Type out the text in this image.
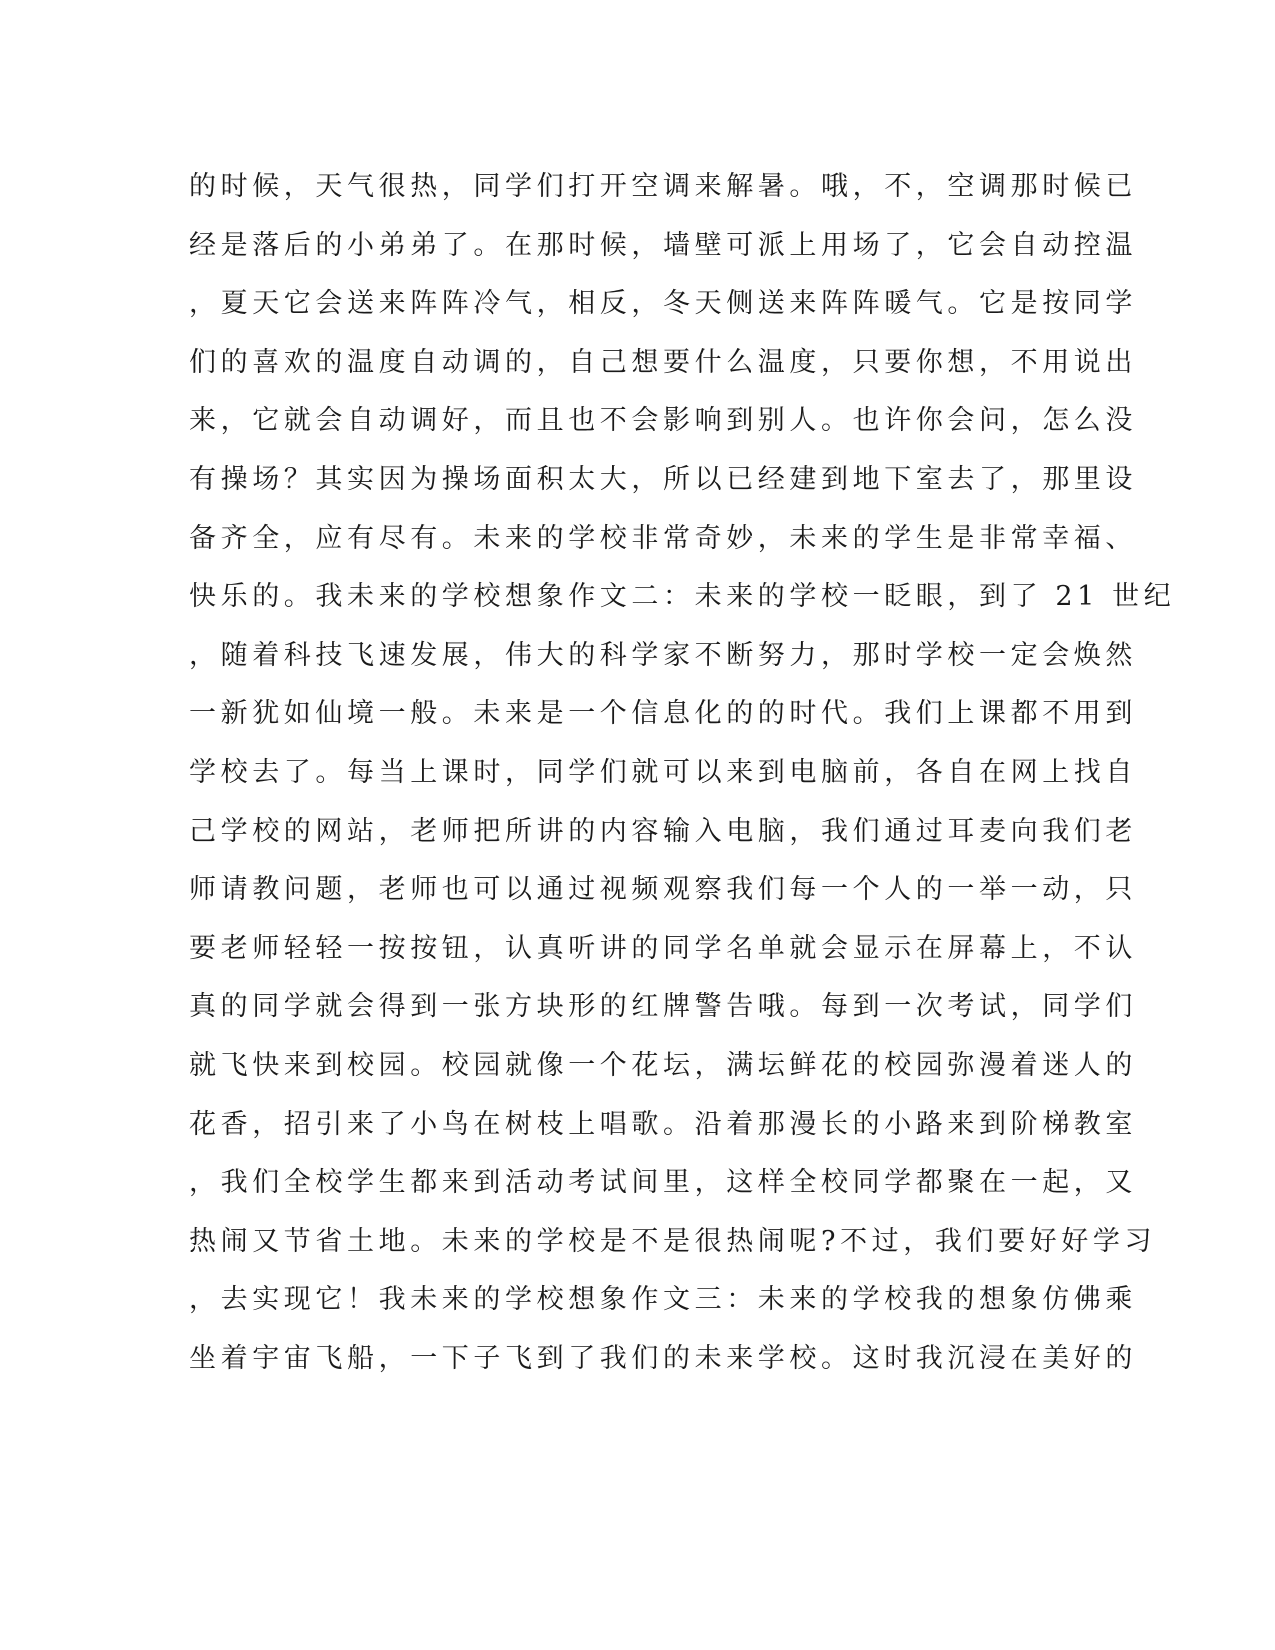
的时候，天气很热，同学们打开空调来解暑。哦，不，空调那时候已
经是落后的小弟弟了。在那时候，墙壁可派上用场了，它会自动控温
，夏天它会送来阵阵冷气，相反，冬天侧送来阵阵暖气。它是按同学
们的喜欢的温度自动调的，自己想要什么温度，只要你想，不用说出
来，它就会自动调好，而且也不会影响到别人。也许你会问，怎么没
有操场？其实因为操场面积太大，所以已经建到地下室去了，那里设
备齐全，应有尽有。未来的学校非常奇妙，未来的学生是非常幸福、
快乐的。我未来的学校想象作文二：未来的学校一眨眼，到了 21 世纪
，随着科技飞速发展，伟大的科学家不断努力，那时学校一定会焕然
一新犹如仙境一般。未来是一个信息化的的时代。我们上课都不用到
学校去了。每当上课时，同学们就可以来到电脑前，各自在网上找自
己学校的网站，老师把所讲的内容输入电脑，我们通过耳麦向我们老
师请教问题，老师也可以通过视频观察我们每一个人的一举一动，只
要老师轻轻一按按钮，认真听讲的同学名单就会显示在屏幕上，不认
真的同学就会得到一张方块形的红牌警告哦。每到一次考试，同学们
就飞快来到校园。校园就像一个花坛，满坛鲜花的校园弥漫着迷人的
花香，招引来了小鸟在树枝上唱歌。沿着那漫长的小路来到阶梯教室
，我们全校学生都来到活动考试间里，这样全校同学都聚在一起，又
热闹又节省土地。未来的学校是不是很热闹呢?不过，我们要好好学习
，去实现它！我未来的学校想象作文三：未来的学校我的想象仿佛乘
坐着宇宙飞船，一下子飞到了我们的未来学校。这时我沉浸在美好的
